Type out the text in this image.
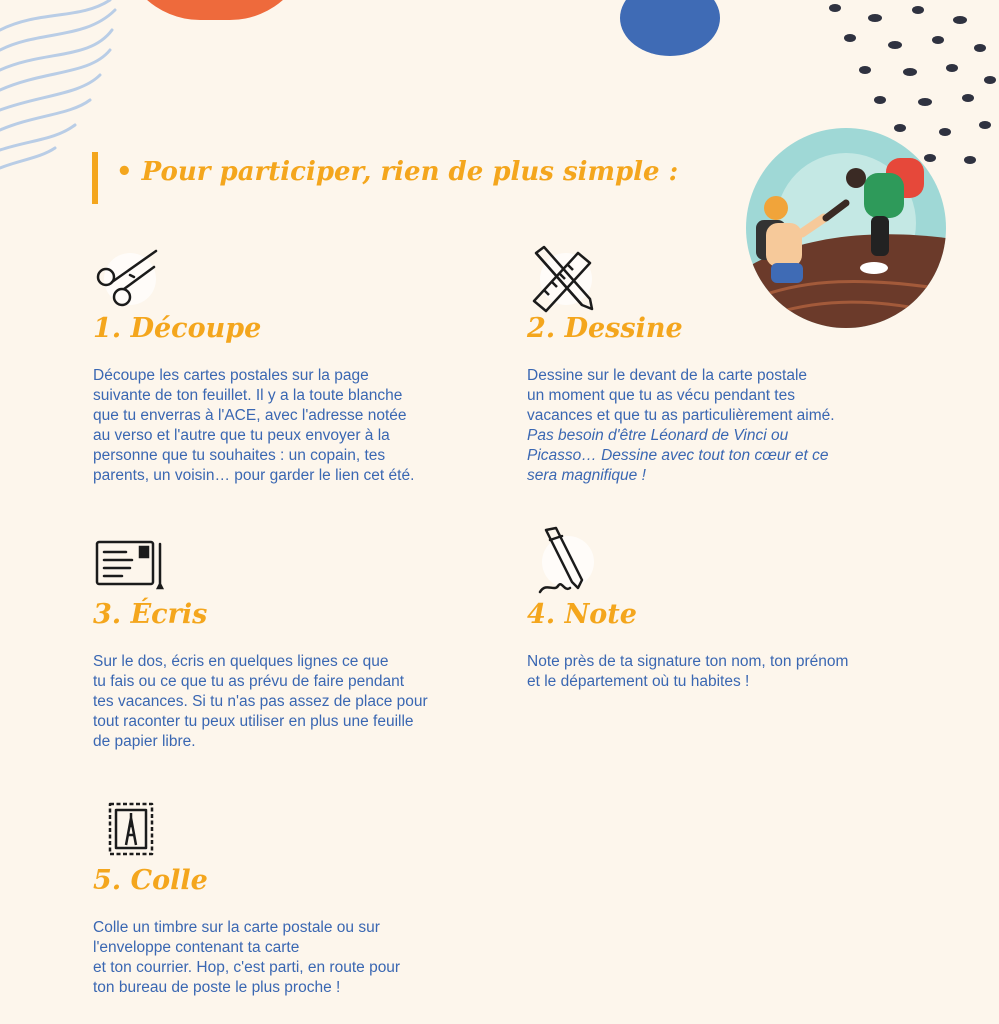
• Pour participer, rien de plus simple :
1. Découpe
Découpe les cartes postales sur la page
suivante de ton feuillet. Il y a la toute blanche
que tu enverras à l'ACE, avec l'adresse notée
au verso et l'autre que tu peux envoyer à la
personne que tu souhaites : un copain, tes
parents, un voisin… pour garder le lien cet été.
2. Dessine
Dessine sur le devant de la carte postale
un moment que tu as vécu pendant tes
vacances et que tu as particulièrement aimé.
Pas besoin d'être Léonard de Vinci ou
Picasso… Dessine avec tout ton cœur et ce
sera magnifique !
3. Écris
Sur le dos, écris en quelques lignes ce que
tu fais ou ce que tu as prévu de faire pendant
tes vacances. Si tu n'as pas assez de place pour
tout raconter tu peux utiliser en plus une feuille
de papier libre.
4. Note
Note près de ta signature ton nom, ton prénom
et le département où tu habites !
5. Colle
Colle un timbre sur la carte postale ou sur
l'enveloppe contenant ta carte
et ton courrier. Hop, c'est parti, en route pour
ton bureau de poste le plus proche !
